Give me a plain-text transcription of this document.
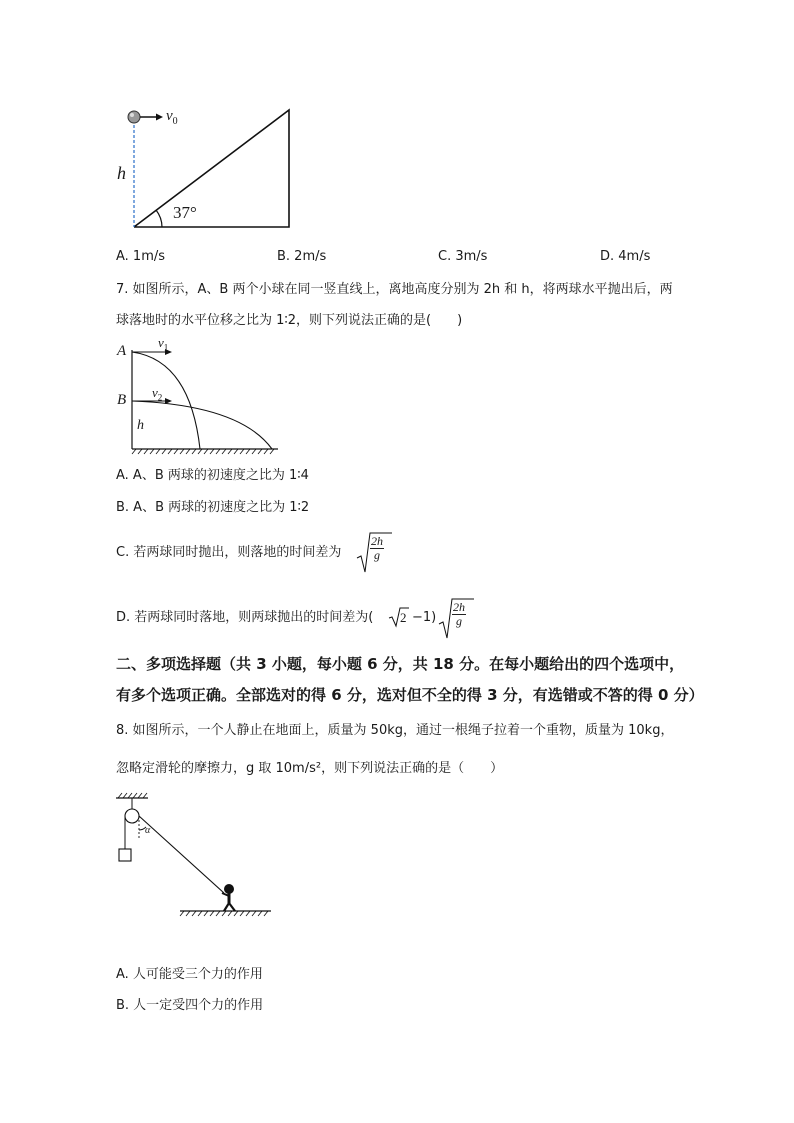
$v_0$
h
37°
A. 1m/s	B. 2m/s	C. 3m/s	D. 4m/s
7. 如图所示，A、B 两个小球在同一竖直线上，离地高度分别为 2h 和 h，将两球水平抛出后，两
球落地时的水平位移之比为 1∶2，则下列说法正确的是(　　)
A
B
$v_1$
$v_2$
h
A. A、B 两球的初速度之比为 1∶4
B. A、B 两球的初速度之比为 1∶2
C. 若两球同时抛出，则落地的时间差为 $\frac{2h}{g}$
D. 若两球同时落地，则两球抛出的时间差为( $2 -1) \frac{2h}{g}$
二、多项选择题（共 3 小题，每小题 6 分，共 18 分。在每小题给出的四个选项中，
有多个选项正确。全部选对的得 6 分，选对但不全的得 3 分，有选错或不答的得 0 分）
8. 如图所示，一个人静止在地面上，质量为 50kg，通过一根绳子拉着一个重物，质量为 10kg，
忽略定滑轮的摩擦力，g 取 10m/s²，则下列说法正确的是（　　）
α
A. 人可能受三个力的作用
B. 人一定受四个力的作用
